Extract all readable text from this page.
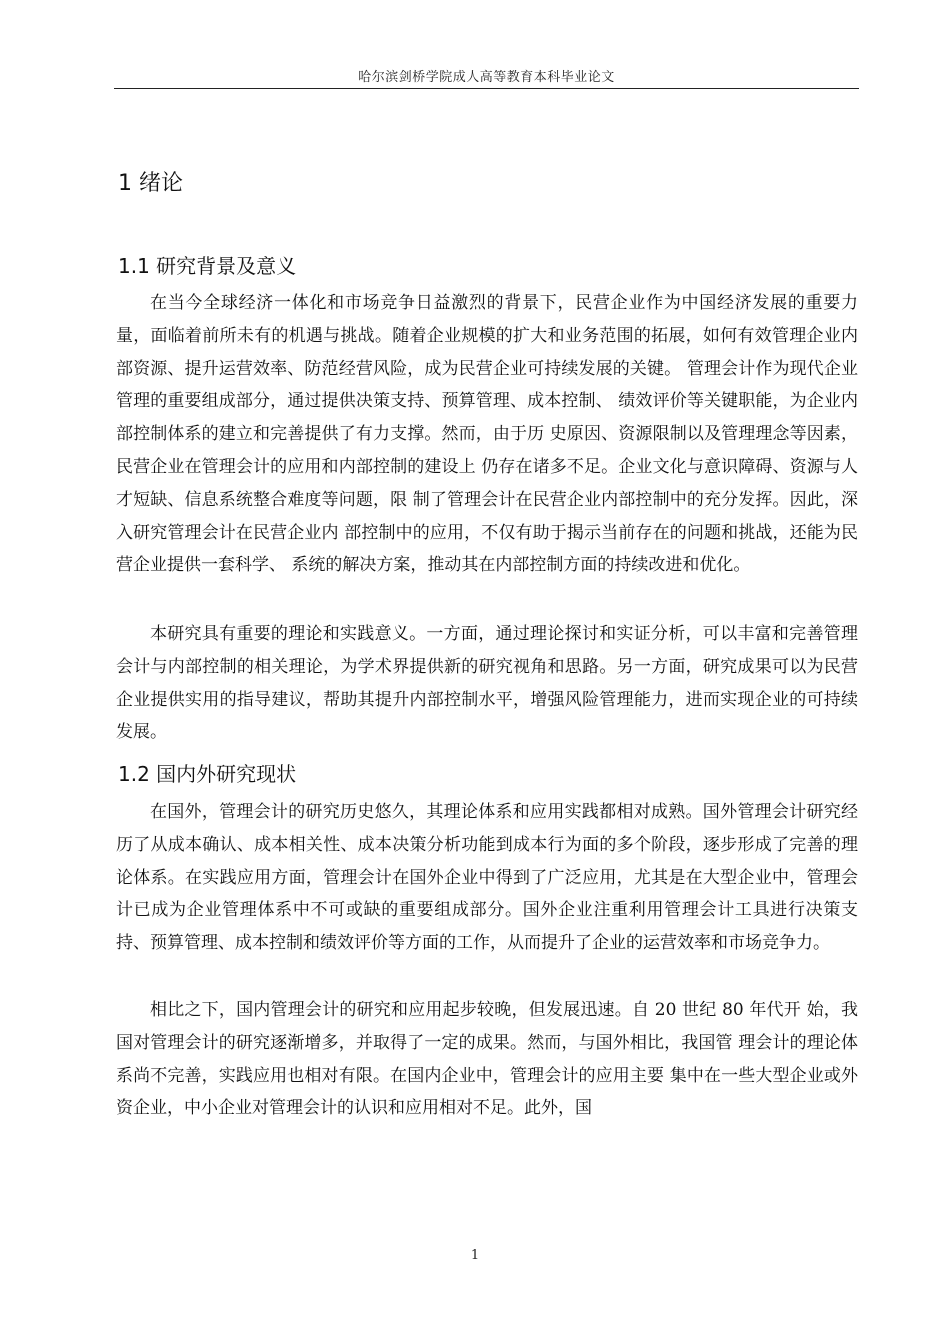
哈尔滨剑桥学院成人高等教育本科毕业论文
1 绪论
1.1 研究背景及意义

在当今全球经济一体化和市场竞争日益激烈的背景下，民营企业作为中国经济发展的重要力量，面临着前所未有的机遇与挑战。随着企业规模的扩大和业务范围的拓展，如何有效管理企业内部资源、提升运营效率、防范经营风险，成为民营企业可持续发展的关键。 管理会计作为现代企业管理的重要组成部分，通过提供决策支持、预算管理、成本控制、 绩效评价等关键职能，为企业内部控制体系的建立和完善提供了有力支撑。然而，由于历 史原因、资源限制以及管理理念等因素，民营企业在管理会计的应用和内部控制的建设上 仍存在诸多不足。企业文化与意识障碍、资源与人才短缺、信息系统整合难度等问题，限 制了管理会计在民营企业内部控制中的充分发挥。因此，深入研究管理会计在民营企业内 部控制中的应用，不仅有助于揭示当前存在的问题和挑战，还能为民营企业提供一套科学、 系统的解决方案，推动其在内部控制方面的持续改进和优化。

本研究具有重要的理论和实践意义。一方面，通过理论探讨和实证分析，可以丰富和完善管理会计与内部控制的相关理论，为学术界提供新的研究视角和思路。另一方面，研究成果可以为民营企业提供实用的指导建议，帮助其提升内部控制水平，增强风险管理能力，进而实现企业的可持续发展。

1.2 国内外研究现状

在国外，管理会计的研究历史悠久，其理论体系和应用实践都相对成熟。国外管理会计研究经历了从成本确认、成本相关性、成本决策分析功能到成本行为面的多个阶段，逐步形成了完善的理论体系。在实践应用方面，管理会计在国外企业中得到了广泛应用，尤其是在大型企业中，管理会计已成为企业管理体系中不可或缺的重要组成部分。国外企业注重利用管理会计工具进行决策支持、预算管理、成本控制和绩效评价等方面的工作，从而提升了企业的运营效率和市场竞争力。

相比之下，国内管理会计的研究和应用起步较晚，但发展迅速。自 20 世纪 80 年代开 始，我国对管理会计的研究逐渐增多，并取得了一定的成果。然而，与国外相比，我国管 理会计的理论体系尚不完善，实践应用也相对有限。在国内企业中，管理会计的应用主要 集中在一些大型企业或外资企业，中小企业对管理会计的认识和应用相对不足。此外，国

1
